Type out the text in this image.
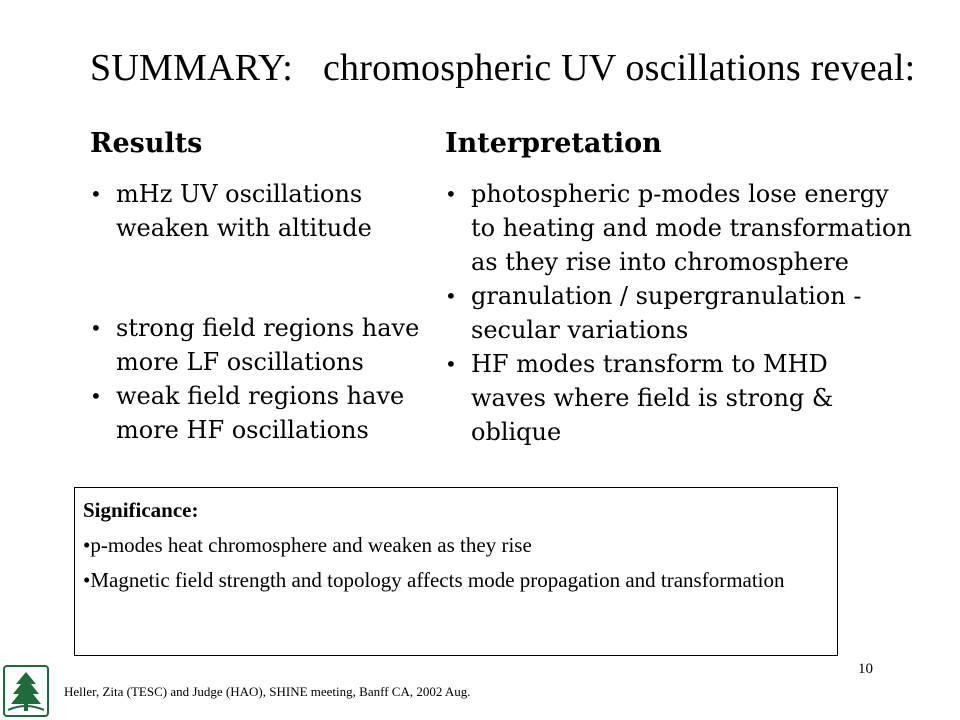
SUMMARY: chromospheric UV oscillations reveal:
Results
• mHz UV oscillations
weaken with altitude
• strong field regions have
more LF oscillations
• weak field regions have
more HF oscillations
Interpretation
• photospheric p-modes lose energy
to heating and mode transformation
as they rise into chromosphere
• granulation / supergranulation -
secular variations
• HF modes transform to MHD
waves where field is strong &
oblique
Significance:

•p-modes heat chromosphere and weaken as they rise

•Magnetic field strength and topology affects mode propagation and transformation

Heller, Zita (TESC) and Judge (HAO), SHINE meeting, Banff CA, 2002 Aug.
10
